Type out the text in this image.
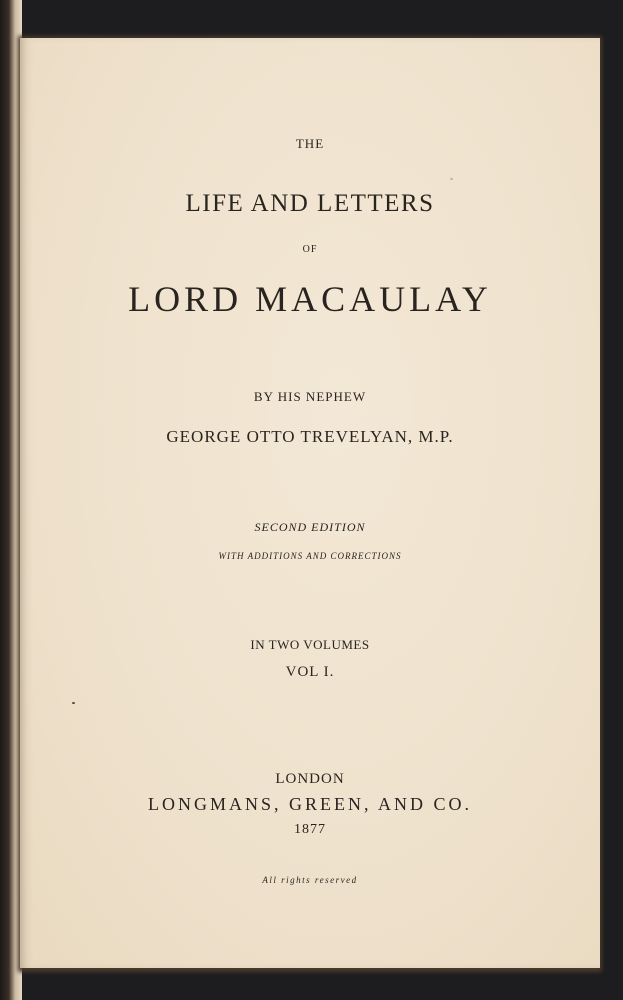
THE
LIFE AND LETTERS
OF
LORD MACAULAY
BY HIS NEPHEW
GEORGE OTTO TREVELYAN, M.P.
SECOND EDITION
WITH ADDITIONS AND CORRECTIONS
IN TWO VOLUMES
VOL I.
LONDON
LONGMANS, GREEN, AND CO.
1877
All rights reserved
